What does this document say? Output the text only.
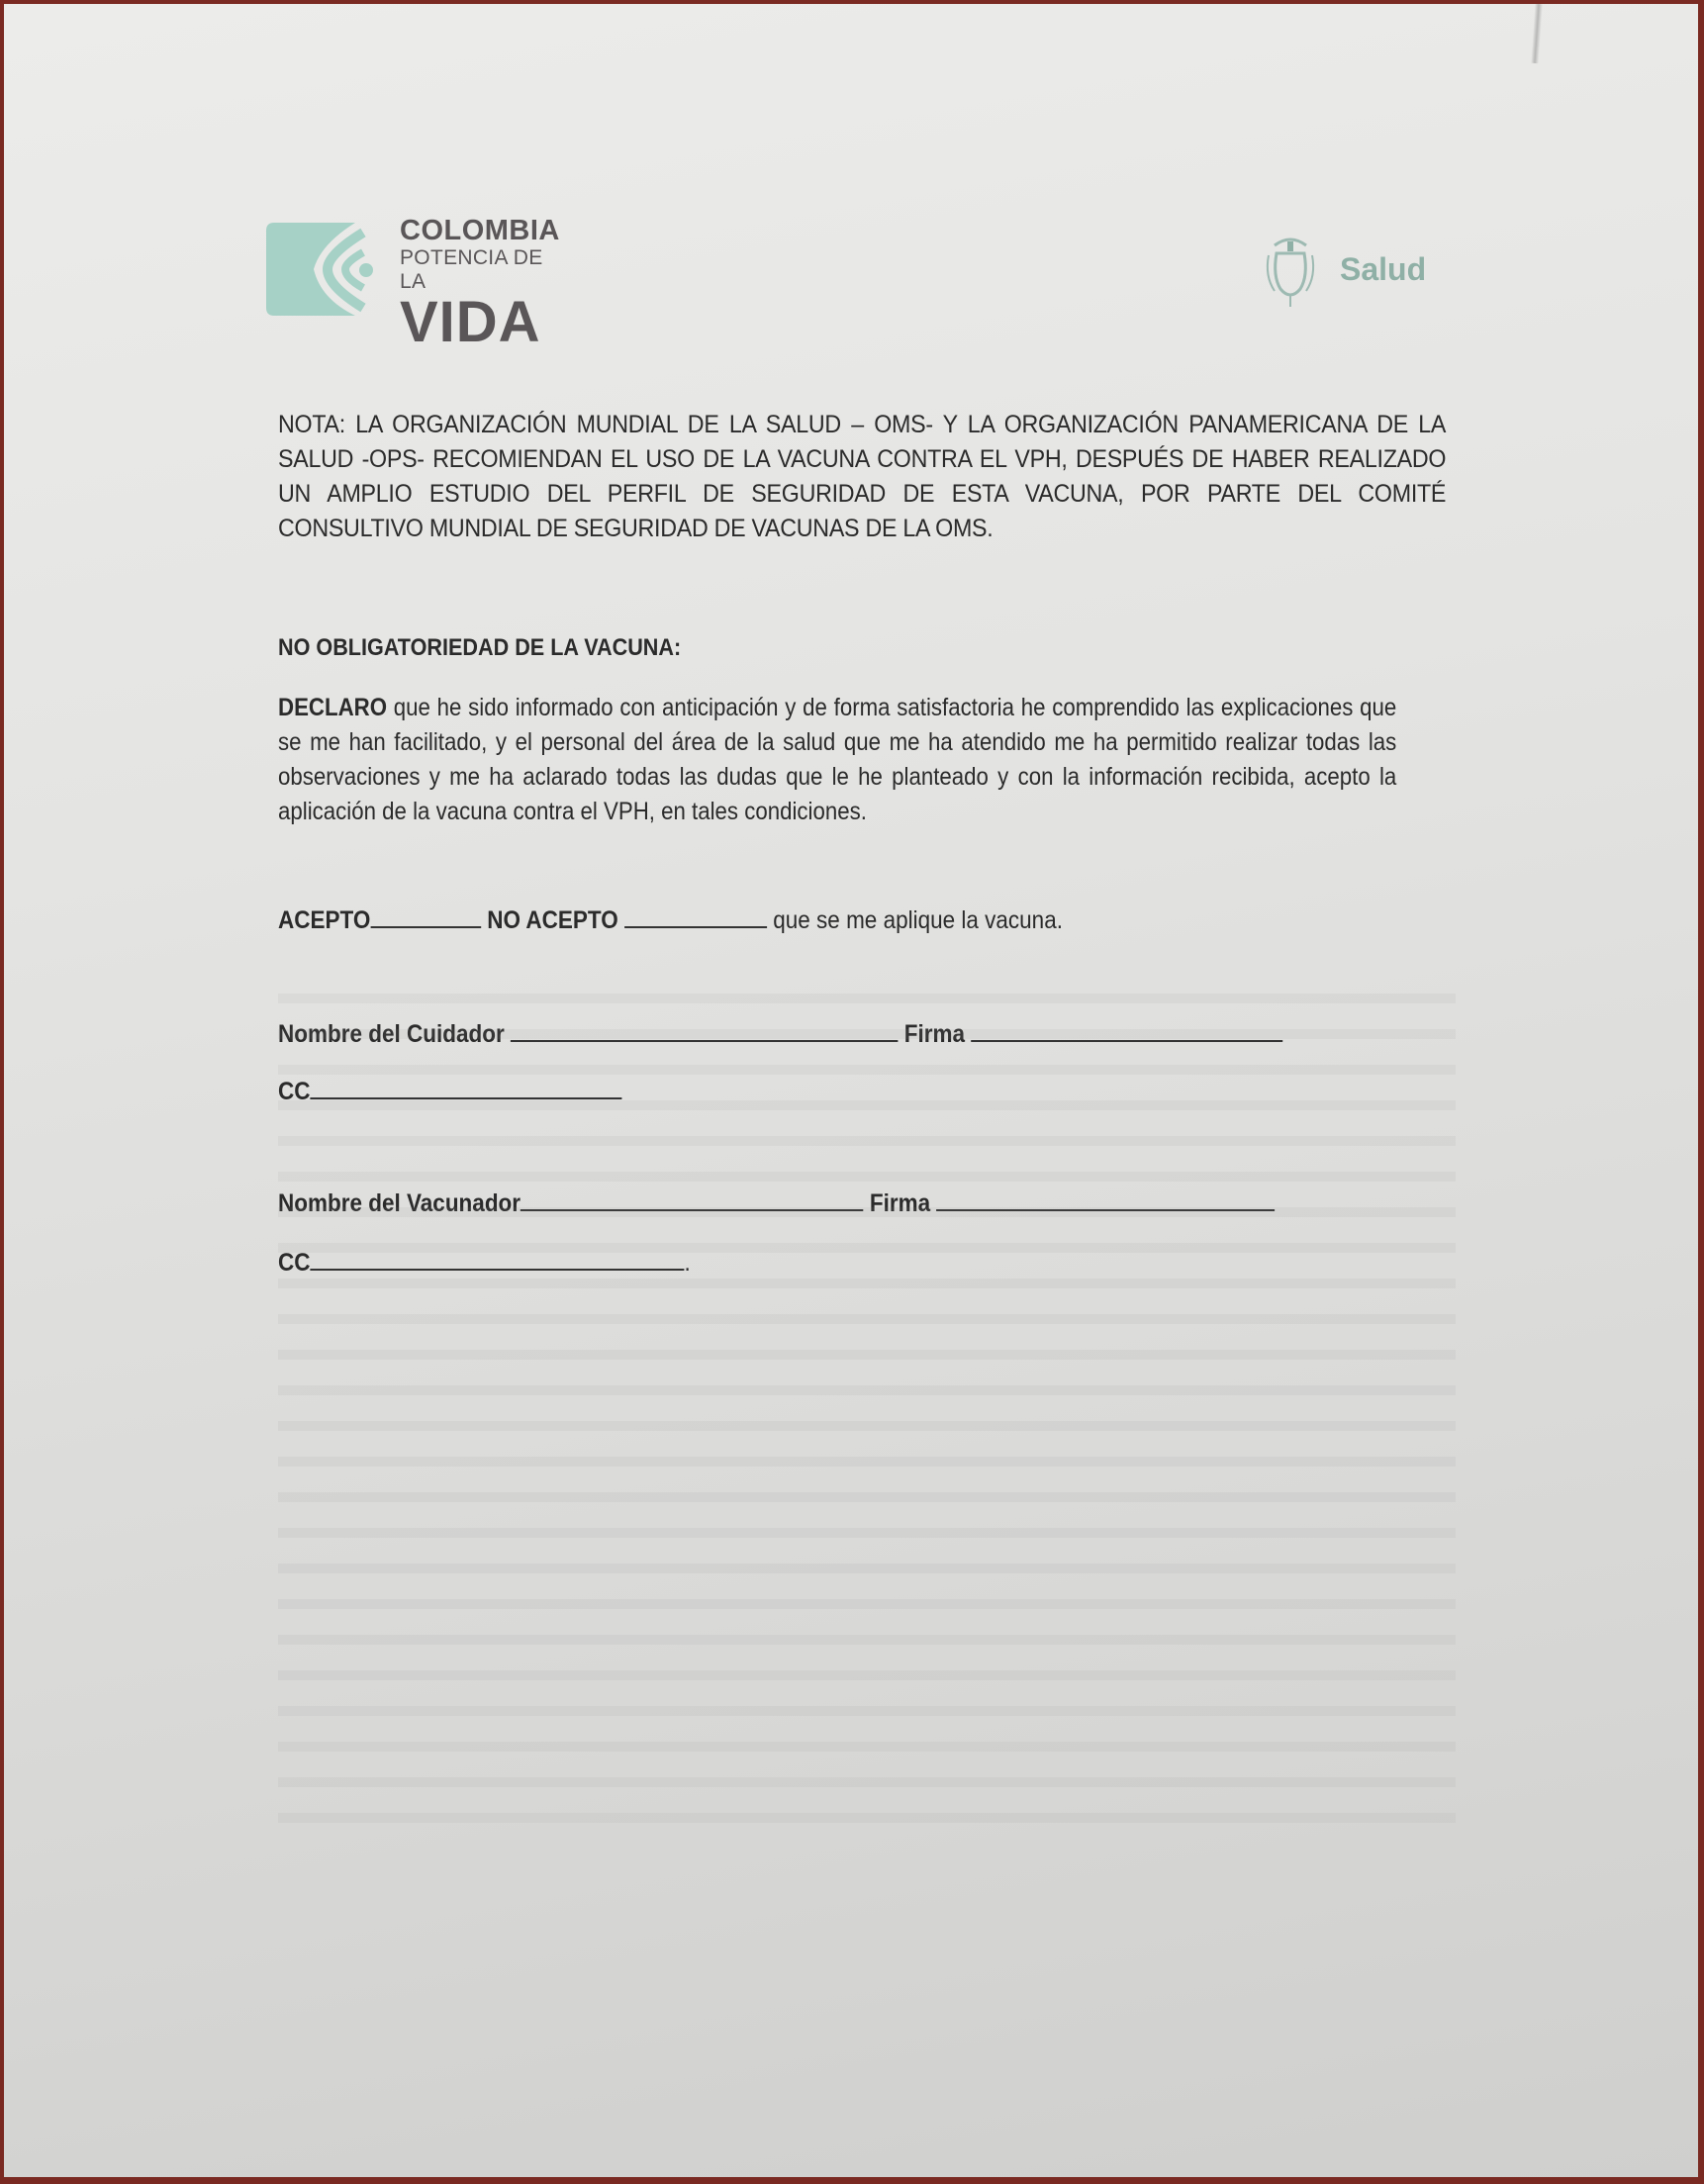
COLOMBIA
POTENCIA DE LA
VIDA
Salud
NOTA: LA ORGANIZACIÓN MUNDIAL DE LA SALUD – OMS- Y LA ORGANIZACIÓN PANAMERICANA DE LA SALUD -OPS- RECOMIENDAN EL USO DE LA VACUNA CONTRA EL VPH, DESPUÉS DE HABER REALIZADO UN AMPLIO ESTUDIO DEL PERFIL DE SEGURIDAD DE ESTA VACUNA, POR PARTE DEL COMITÉ CONSULTIVO MUNDIAL DE SEGURIDAD DE VACUNAS DE LA OMS.
NO OBLIGATORIEDAD DE LA VACUNA:
DECLARO que he sido informado con anticipación y de forma satisfactoria he comprendido las explicaciones que se me han facilitado, y el personal del área de la salud que me ha atendido me ha permitido realizar todas las observaciones y me ha aclarado todas las dudas que le he planteado y con la información recibida, acepto la aplicación de la vacuna contra el VPH, en tales condiciones.
ACEPTO	NO ACEPTO	que se me aplique la vacuna.
Nombre del Cuidador	Firma
CC
Nombre del Vacunador	Firma
CC	.
